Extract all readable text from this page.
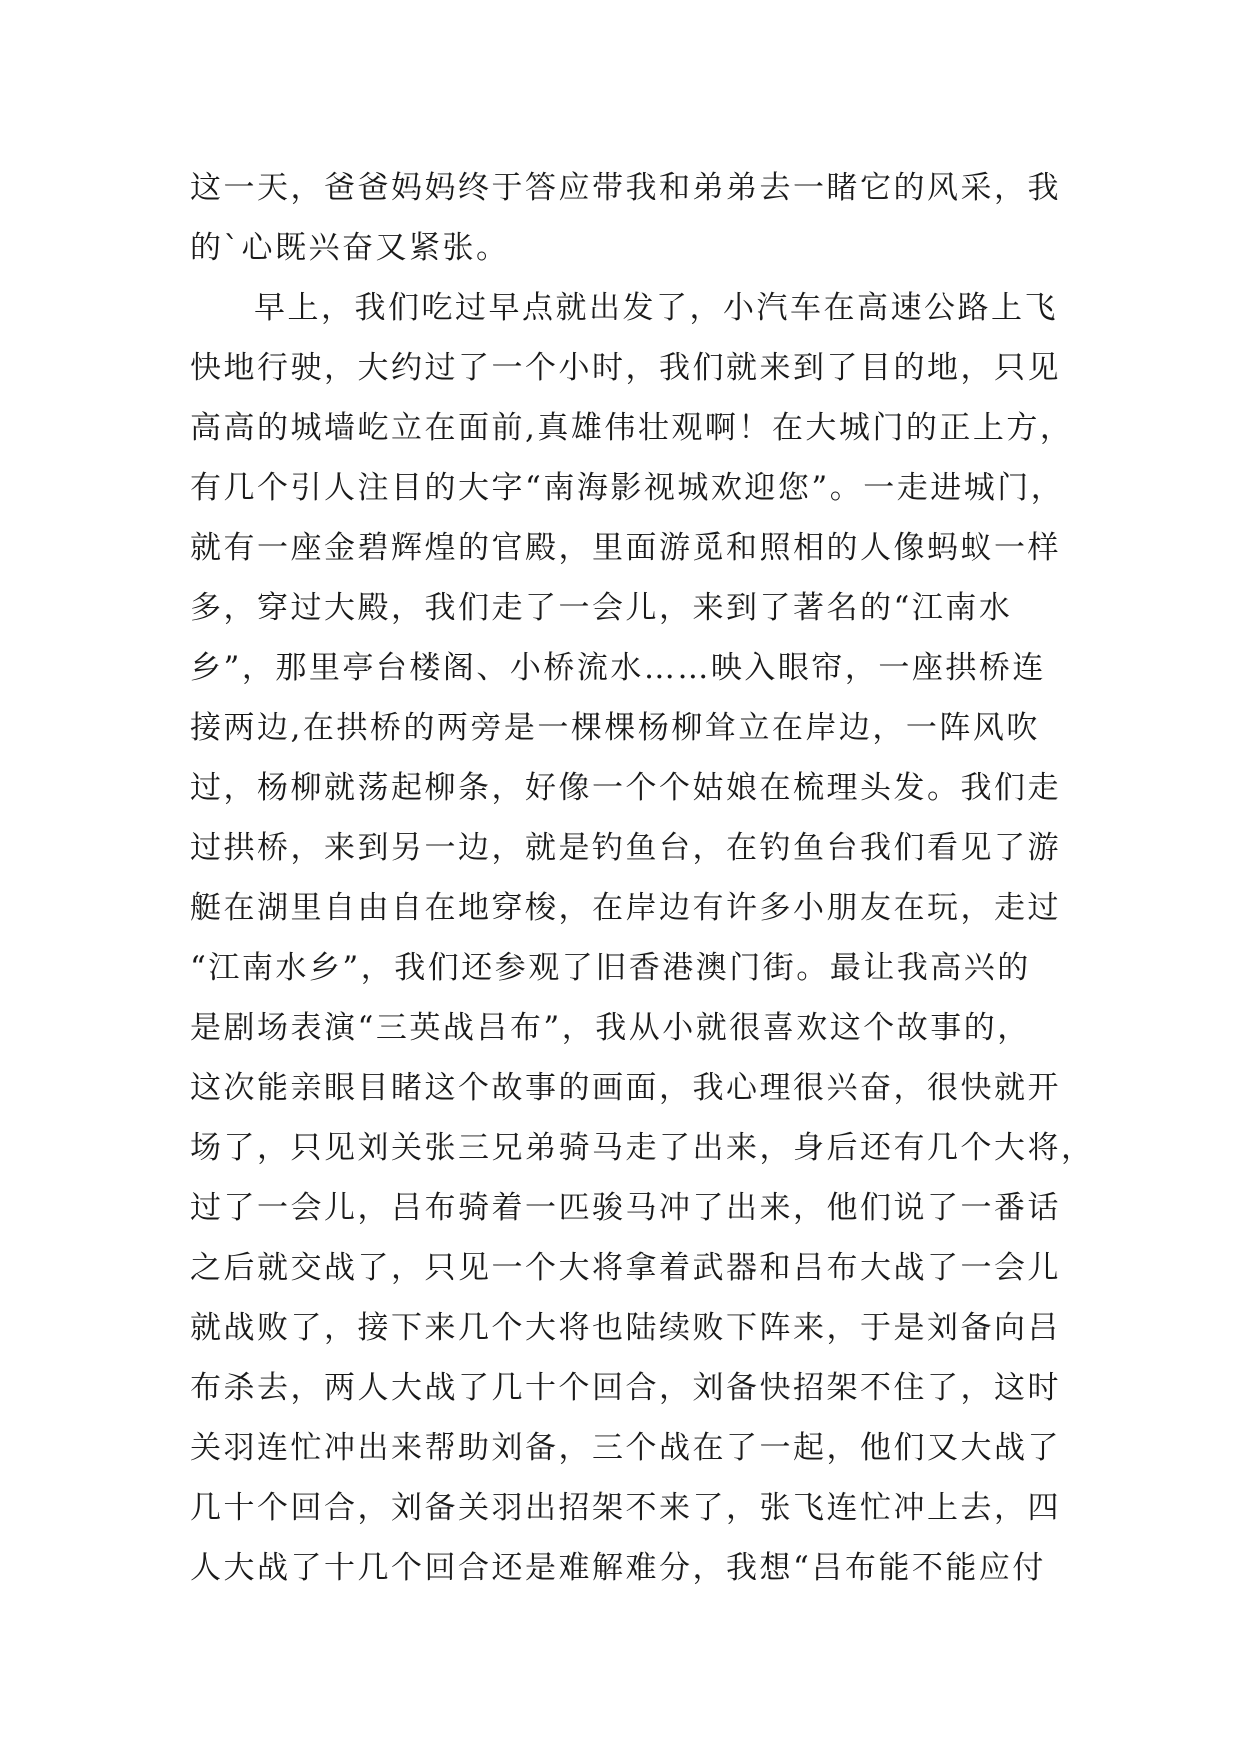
这一天，爸爸妈妈终于答应带我和弟弟去一睹它的风采，我
的`心既兴奋又紧张。
早上，我们吃过早点就出发了，小汽车在高速公路上飞
快地行驶，大约过了一个小时，我们就来到了目的地，只见
高高的城墙屹立在面前,真雄伟壮观啊！在大城门的正上方，
有几个引人注目的大字“南海影视城欢迎您”。一走进城门，
就有一座金碧辉煌的官殿，里面游觅和照相的人像蚂蚁一样
多，穿过大殿，我们走了一会儿，来到了著名的“江南水
乡”，那里亭台楼阁、小桥流水……映入眼帘，一座拱桥连
接两边,在拱桥的两旁是一棵棵杨柳耸立在岸边，一阵风吹
过，杨柳就荡起柳条，好像一个个姑娘在梳理头发。我们走
过拱桥，来到另一边，就是钓鱼台，在钓鱼台我们看见了游
艇在湖里自由自在地穿梭，在岸边有许多小朋友在玩，走过
“江南水乡”，我们还参观了旧香港澳门街。最让我高兴的
是剧场表演“三英战吕布”，我从小就很喜欢这个故事的，
这次能亲眼目睹这个故事的画面，我心理很兴奋，很快就开
场了，只见刘关张三兄弟骑马走了出来，身后还有几个大将，
过了一会儿，吕布骑着一匹骏马冲了出来，他们说了一番话
之后就交战了，只见一个大将拿着武器和吕布大战了一会儿
就战败了，接下来几个大将也陆续败下阵来，于是刘备向吕
布杀去，两人大战了几十个回合，刘备快招架不住了，这时
关羽连忙冲出来帮助刘备，三个战在了一起，他们又大战了
几十个回合，刘备关羽出招架不来了，张飞连忙冲上去，四
人大战了十几个回合还是难解难分，我想“吕布能不能应付
